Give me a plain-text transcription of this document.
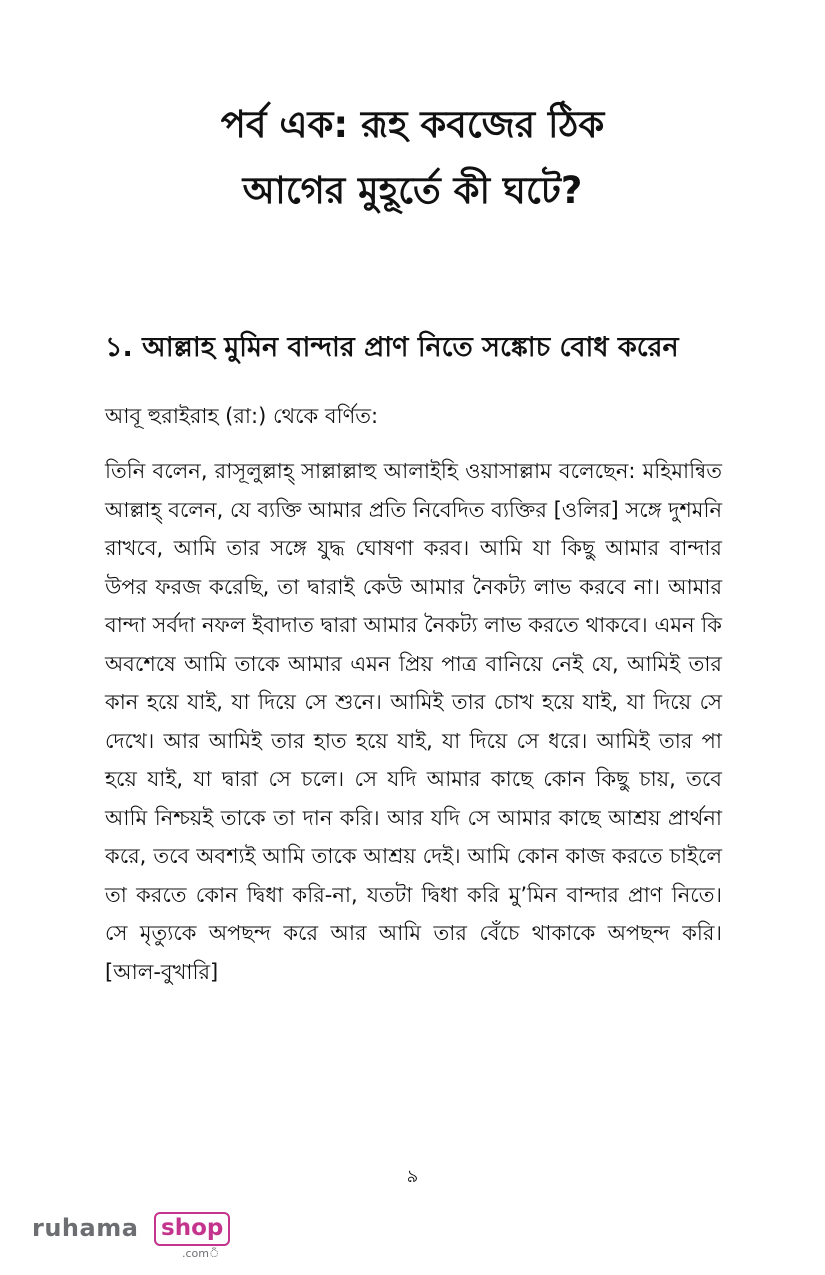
পর্ব এক: রূহ কবজের ঠিক
আগের মুহূর্তে কী ঘটে?
১. আল্লাহ মুমিন বান্দার প্রাণ নিতে সঙ্কোচ বোধ করেন

আবূ হুরাইরাহ (রা:) থেকে বর্ণিত:

তিনি বলেন, রাসূলুল্লাহ্‌ সাল্লাল্লাহু আলাইহি ওয়াসাল্লাম বলেছেন: মহিমান্বিত আল্লাহ্‌ বলেন, যে ব্যক্তি আমার প্রতি নিবেদিত ব্যক্তির [ওলির] সঙ্গে দুশমনি রাখবে, আমি তার সঙ্গে যুদ্ধ ঘোষণা করব। আমি যা কিছু আমার বান্দার উপর ফরজ করেছি, তা দ্বারাই কেউ আমার নৈকট্য লাভ করবে না। আমার বান্দা সর্বদা নফল ইবাদাত দ্বারা আমার নৈকট্য লাভ করতে থাকবে। এমন কি অবশেষে আমি তাকে আমার এমন প্রিয় পাত্র বানিয়ে নেই যে, আমিই তার কান হয়ে যাই, যা দিয়ে সে শুনে। আমিই তার চোখ হয়ে যাই, যা দিয়ে সে দেখে। আর আমিই তার হাত হয়ে যাই, যা দিয়ে সে ধরে। আমিই তার পা হয়ে যাই, যা দ্বারা সে চলে। সে যদি আমার কাছে কোন কিছু চায়, তবে আমি নিশ্চয়ই তাকে তা দান করি। আর যদি সে আমার কাছে আশ্রয় প্রার্থনা করে, তবে অবশ্যই আমি তাকে আশ্রয় দেই। আমি কোন কাজ করতে চাইলে তা করতে কোন দ্বিধা করি-না, যতটা দ্বিধা করি মু’মিন বান্দার প্রাণ নিতে। সে মৃত্যুকে অপছন্দ করে আর আমি তার বেঁচে থাকাকে অপছন্দ করি। [আল-বুখারি]

৯
ruhama shop
.comঁ
